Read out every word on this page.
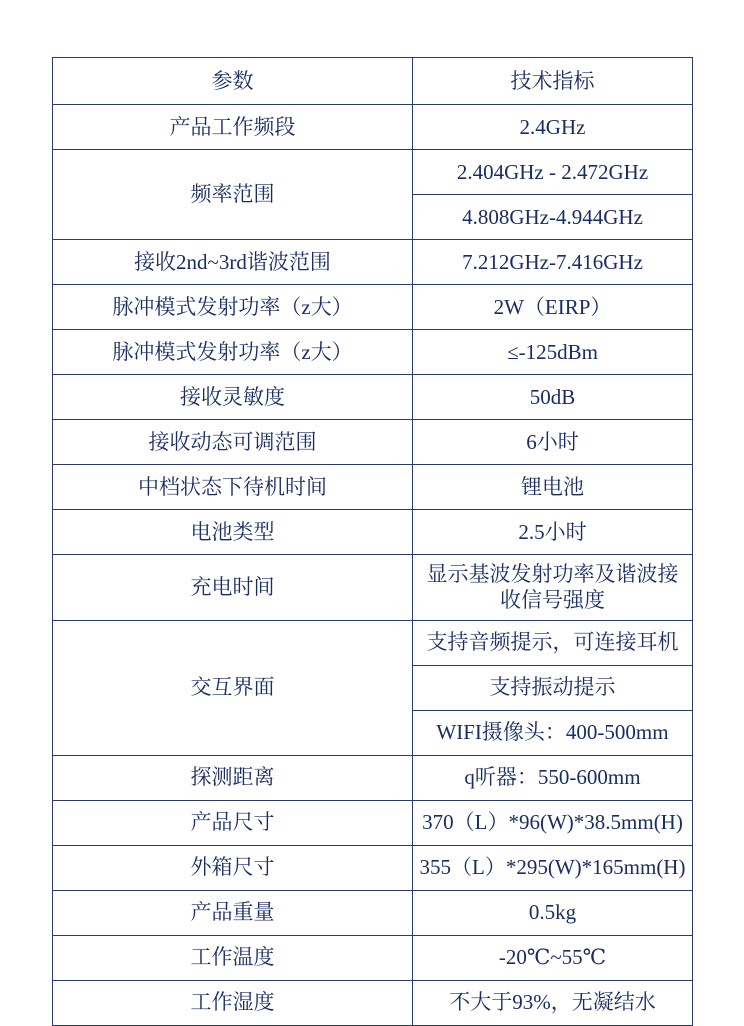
参数	技术指标
产品工作频段	2.4GHz
频率范围	2.404GHz - 2.472GHz
	4.808GHz-4.944GHz
接收2nd~3rd谐波范围	7.212GHz-7.416GHz
脉冲模式发射功率（z大）	2W（EIRP）
脉冲模式发射功率（z大）	≤-125dBm
接收灵敏度	50dB
接收动态可调范围	6小时
中档状态下待机时间	锂电池
电池类型	2.5小时
充电时间	显示基波发射功率及谐波接收信号强度
交互界面	支持音频提示，可连接耳机
	支持振动提示
	WIFI摄像头：400-500mm
探测距离	q听器：550-600mm
产品尺寸	370（L）*96(W)*38.5mm(H)
外箱尺寸	355（L）*295(W)*165mm(H)
产品重量	0.5kg
工作温度	-20℃~55℃
工作湿度	不大于93%，无凝结水
